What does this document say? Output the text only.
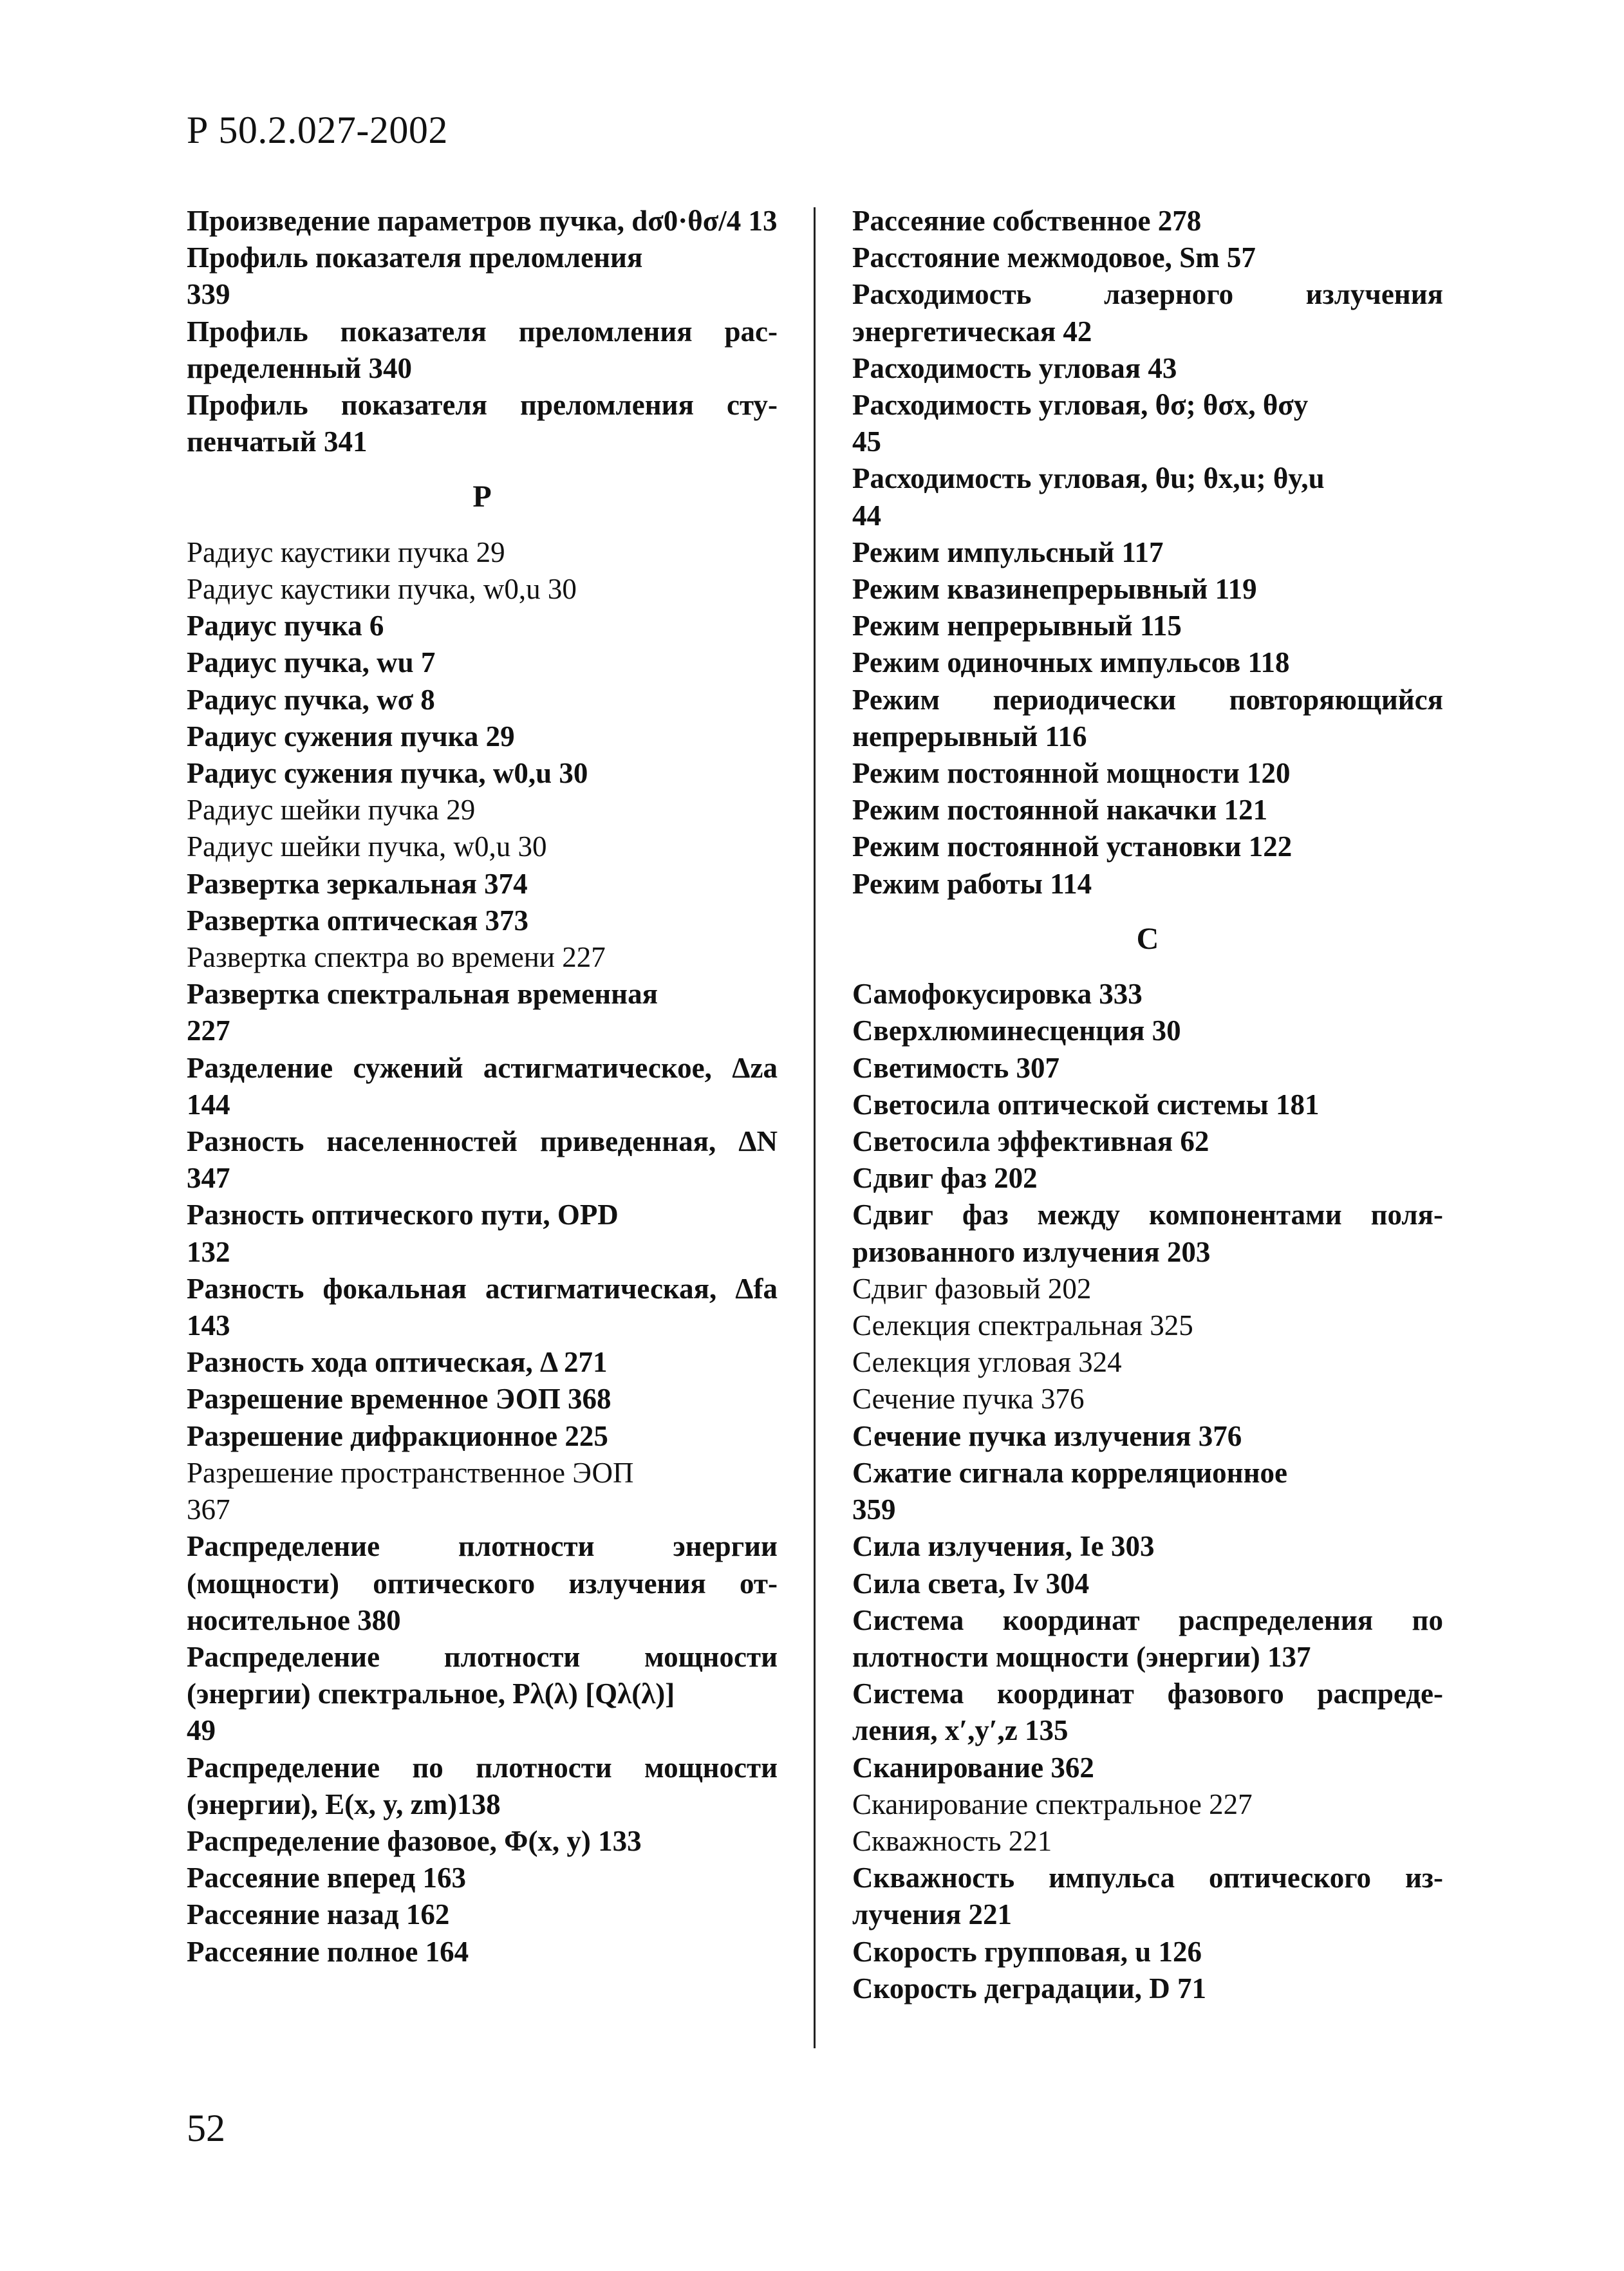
Р 50.2.027-2002
Произведение параметров пучка, dσ0·θσ/4 13
Профиль показателя преломления
339
Профиль показателя преломления рас-пределенный 340
Профиль показателя преломления сту-пенчатый 341
Р
Радиус каустики пучка 29
Радиус каустики пучка, w0,u 30
Радиус пучка 6
Радиус пучка, wu 7
Радиус пучка, wσ 8
Радиус сужения пучка 29
Радиус сужения пучка, w0,u 30
Радиус шейки пучка 29
Радиус шейки пучка, w0,u 30
Развертка зеркальная 374
Развертка оптическая 373
Развертка спектра во времени 227
Развертка спектральная временная
227
Разделение сужений астигматическое, Δza 144
Разность населенностей приведенная, ΔN 347
Разность оптического пути, OPD
132
Разность фокальная астигматическая, Δfa 143
Разность хода оптическая, Δ 271
Разрешение временное ЭОП 368
Разрешение дифракционное 225
Разрешение пространственное ЭОП
367
Распределение плотности энергии (мощности) оптического излучения от-носительное 380
Распределение плотности мощности (энергии) спектральное, Pλ(λ) [Qλ(λ)]
49
Распределение по плотности мощности (энергии), E(x, y, zm)138
Распределение фазовое, Φ(x, y) 133
Рассеяние вперед 163
Рассеяние назад 162
Рассеяние полное 164
Рассеяние собственное 278
Расстояние межмодовое, Sm 57
Расходимость лазерного излучения энергетическая 42
Расходимость угловая 43
Расходимость угловая, θσ; θσx, θσy
45
Расходимость угловая, θu; θx,u; θy,u
44
Режим импульсный 117
Режим квазинепрерывный 119
Режим непрерывный 115
Режим одиночных импульсов 118
Режим периодически повторяющийся непрерывный 116
Режим постоянной мощности 120
Режим постоянной накачки 121
Режим постоянной установки 122
Режим работы 114
С
Самофокусировка 333
Сверхлюминесценция 30
Светимость 307
Светосила оптической системы 181
Светосила эффективная 62
Сдвиг фаз 202
Сдвиг фаз между компонентами поля-ризованного излучения 203
Сдвиг фазовый 202
Селекция спектральная 325
Селекция угловая 324
Сечение пучка 376
Сечение пучка излучения 376
Сжатие сигнала корреляционное
359
Сила излучения, Ie 303
Сила света, Iv 304
Система координат распределения по плотности мощности (энергии) 137
Система координат фазового распреде-ления, x′,y′,z 135
Сканирование 362
Сканирование спектральное 227
Скважность 221
Скважность импульса оптического из-лучения 221
Скорость групповая, u 126
Скорость деградации, D 71
52
